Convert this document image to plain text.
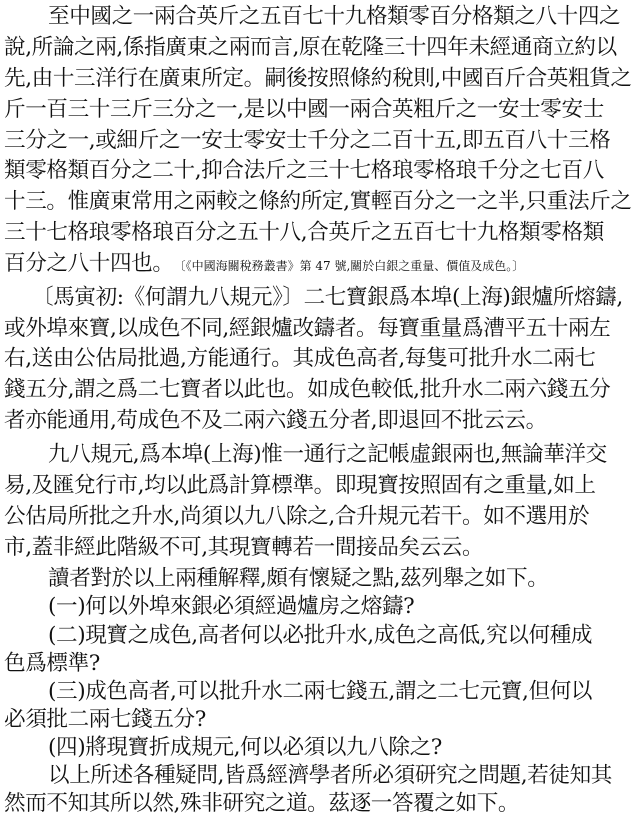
至中國之一兩合英斤之五百七十九格類零百分格類之八十四之
說,所論之兩,係指廣東之兩而言,原在乾隆三十四年未經通商立約以
先,由十三洋行在廣東所定。嗣後按照條約稅則,中國百斤合英粗貨之
斤一百三十三斤三分之一,是以中國一兩合英粗斤之一安士零安士
三分之一,或細斤之一安士零安士千分之二百十五,即五百八十三格
類零格類百分之二十,抑合法斤之三十七格琅零格琅千分之七百八
十三。惟廣東常用之兩較之條約所定,實輕百分之一之半,只重法斤之
三十七格琅零格琅百分之五十八,合英斤之五百七十九格類零格類
百分之八十四也。 〔《中國海關稅務叢書》第 47 號,關於白銀之重量、價值及成色。〕
〔馬寅初:《何謂九八規元》〕二七寶銀爲本埠(上海)銀爐所熔鑄,
或外埠來寶,以成色不同,經銀爐改鑄者。每寶重量爲漕平五十兩左
右,送由公估局批過,方能通行。其成色高者,每隻可批升水二兩七
錢五分,謂之爲二七寶者以此也。如成色較低,批升水二兩六錢五分
者亦能通用,苟成色不及二兩六錢五分者,即退回不批云云。
九八規元,爲本埠(上海)惟一通行之記帳虛銀兩也,無論華洋交
易,及匯兌行市,均以此爲計算標準。即現寶按照固有之重量,如上
公估局所批之升水,尚須以九八除之,合升規元若干。如不選用於
市,蓋非經此階級不可,其現寶轉若一間接品矣云云。
讀者對於以上兩種解釋,頗有懷疑之點,茲列舉之如下。
(一)何以外埠來銀必須經過爐房之熔鑄?
(二)現寶之成色,高者何以必批升水,成色之高低,究以何種成
色爲標準?
(三)成色高者,可以批升水二兩七錢五,謂之二七元寶,但何以
必須批二兩七錢五分?
(四)將現寶折成規元,何以必須以九八除之?
以上所述各種疑問,皆爲經濟學者所必須研究之問題,若徒知其
然而不知其所以然,殊非研究之道。茲逐一答覆之如下。
